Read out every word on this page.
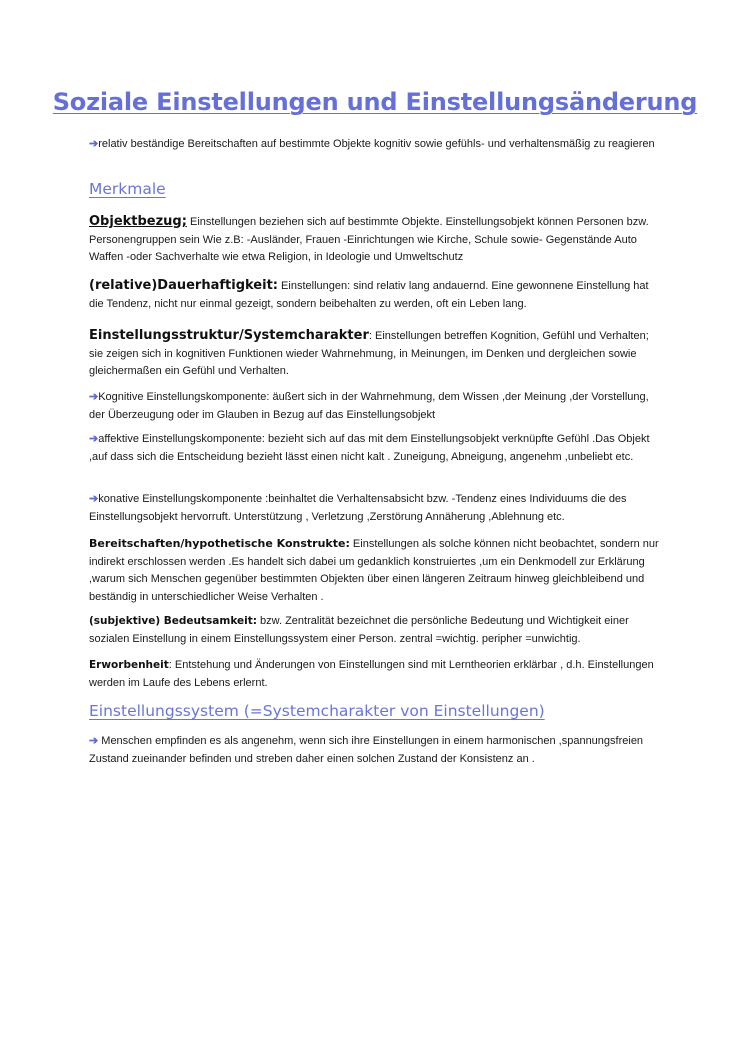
Soziale Einstellungen und Einstellungsänderung
➔relativ beständige Bereitschaften auf bestimmte Objekte kognitiv sowie gefühls- und verhaltensmäßig zu reagieren
Merkmale
Objektbezug; Einstellungen beziehen sich auf bestimmte Objekte. Einstellungsobjekt können Personen bzw. Personengruppen sein Wie z.B: -Ausländer, Frauen -Einrichtungen wie Kirche, Schule sowie- Gegenstände Auto Waffen -oder Sachverhalte wie etwa Religion, in Ideologie und Umweltschutz
(relative)Dauerhaftigkeit: Einstellungen: sind relativ lang andauernd. Eine gewonnene Einstellung hat die Tendenz, nicht nur einmal gezeigt, sondern beibehalten zu werden, oft ein Leben lang.
Einstellungsstruktur/Systemcharakter: Einstellungen betreffen Kognition, Gefühl und Verhalten; sie zeigen sich in kognitiven Funktionen wieder Wahrnehmung, in Meinungen, im Denken und dergleichen sowie gleichermaßen ein Gefühl und Verhalten.
➔Kognitive Einstellungskomponente: äußert sich in der Wahrnehmung, dem Wissen ,der Meinung ,der Vorstellung, der Überzeugung oder im Glauben in Bezug auf das Einstellungsobjekt
➔affektive Einstellungskomponente: bezieht sich auf das mit dem Einstellungsobjekt verknüpfte Gefühl .Das Objekt ,auf dass sich die Entscheidung bezieht lässt einen nicht kalt . Zuneigung, Abneigung, angenehm ,unbeliebt etc.
➔konative Einstellungskomponente :beinhaltet die Verhaltensabsicht bzw. -Tendenz eines Individuums die des Einstellungsobjekt hervorruft. Unterstützung , Verletzung ,Zerstörung Annäherung ,Ablehnung etc.
Bereitschaften/hypothetische Konstrukte: Einstellungen als solche können nicht beobachtet, sondern nur indirekt erschlossen werden .Es handelt sich dabei um gedanklich konstruiertes ,um ein Denkmodell zur Erklärung ,warum sich Menschen gegenüber bestimmten Objekten über einen längeren Zeitraum hinweg gleichbleibend und beständig in unterschiedlicher Weise Verhalten .
(subjektive) Bedeutsamkeit: bzw. Zentralität bezeichnet die persönliche Bedeutung und Wichtigkeit einer sozialen Einstellung in einem Einstellungssystem einer Person. zentral =wichtig. peripher =unwichtig.
Erworbenheit: Entstehung und Änderungen von Einstellungen sind mit Lerntheorien erklärbar , d.h. Einstellungen werden im Laufe des Lebens erlernt.
Einstellungssystem (=Systemcharakter von Einstellungen)
➔ Menschen empfinden es als angenehm, wenn sich ihre Einstellungen in einem harmonischen ,spannungsfreien Zustand zueinander befinden und streben daher einen solchen Zustand der Konsistenz an .
